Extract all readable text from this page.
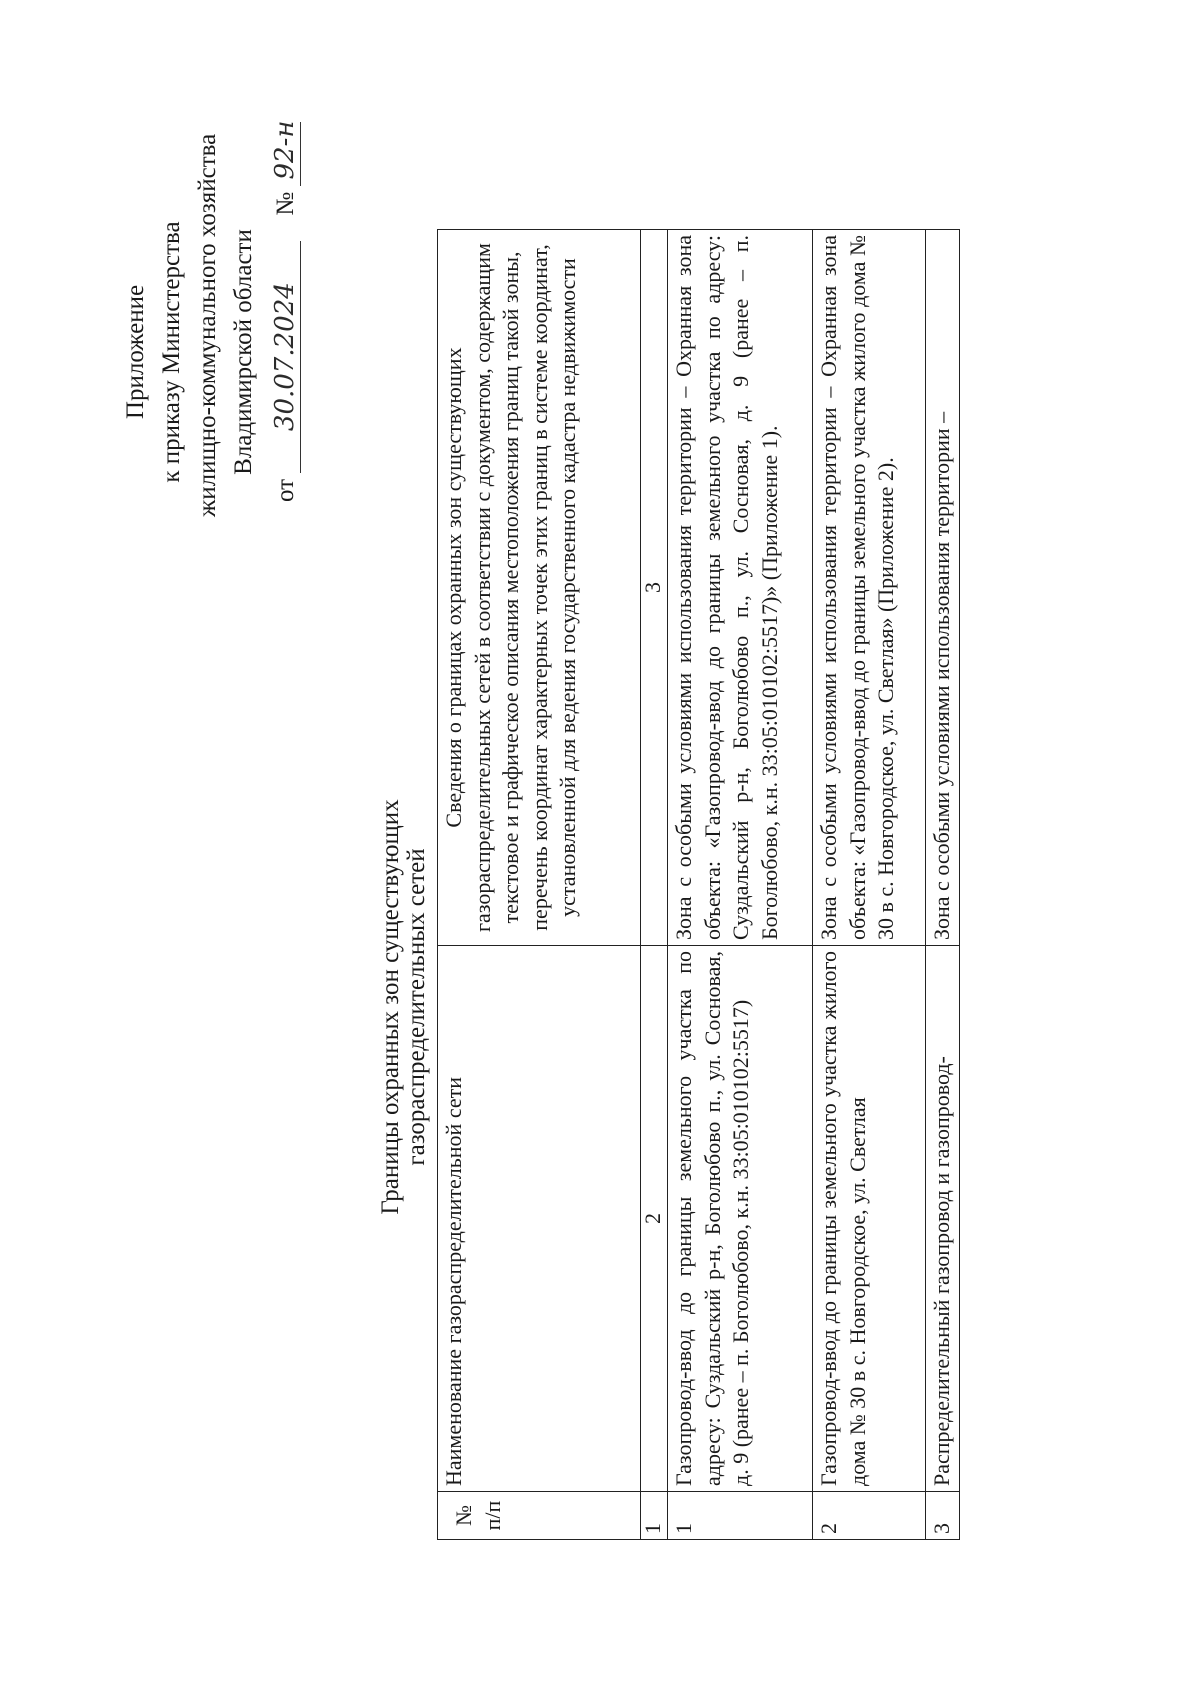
Приложение к приказу Министерства жилищно-коммунального хозяйства Владимирской области
от 30.07.2024    № 92-н
Границы охранных зон существующих газораспределительных сетей
№ п/п	Наименование газораспределительной сети	Сведения о границах охранных зон существующих газораспределительных сетей в соответствии с документом, содержащим текстовое и графическое описания местоположения границ такой зоны, перечень координат характерных точек этих границ в системе координат, установленной для ведения государственного кадастра недвижимости
1	2	3
1	Газопровод-ввод до границы земельного участка по адресу: Суздальский р-н, Боголюбово п., ул. Сосновая, д. 9 (ранее – п. Боголюбово, к.н. 33:05:010102:5517)	Зона с особыми условиями использования территории – Охранная зона объекта: «Газопровод-ввод до границы земельного участка по адресу: Суздальский р-н, Боголюбово п., ул. Сосновая, д. 9 (ранее – п. Боголюбово, к.н. 33:05:010102:5517)» (Приложение 1).
2	Газопровод-ввод до границы земельного участка жилого дома № 30 в с. Новгородское, ул. Светлая	Зона с особыми условиями использования территории – Охранная зона объекта: «Газопровод-ввод до границы земельного участка жилого дома № 30 в с. Новгородское, ул. Светлая» (Приложение 2).
3	Распределительный газопровод и газопровод-	Зона с особыми условиями использования территории –
